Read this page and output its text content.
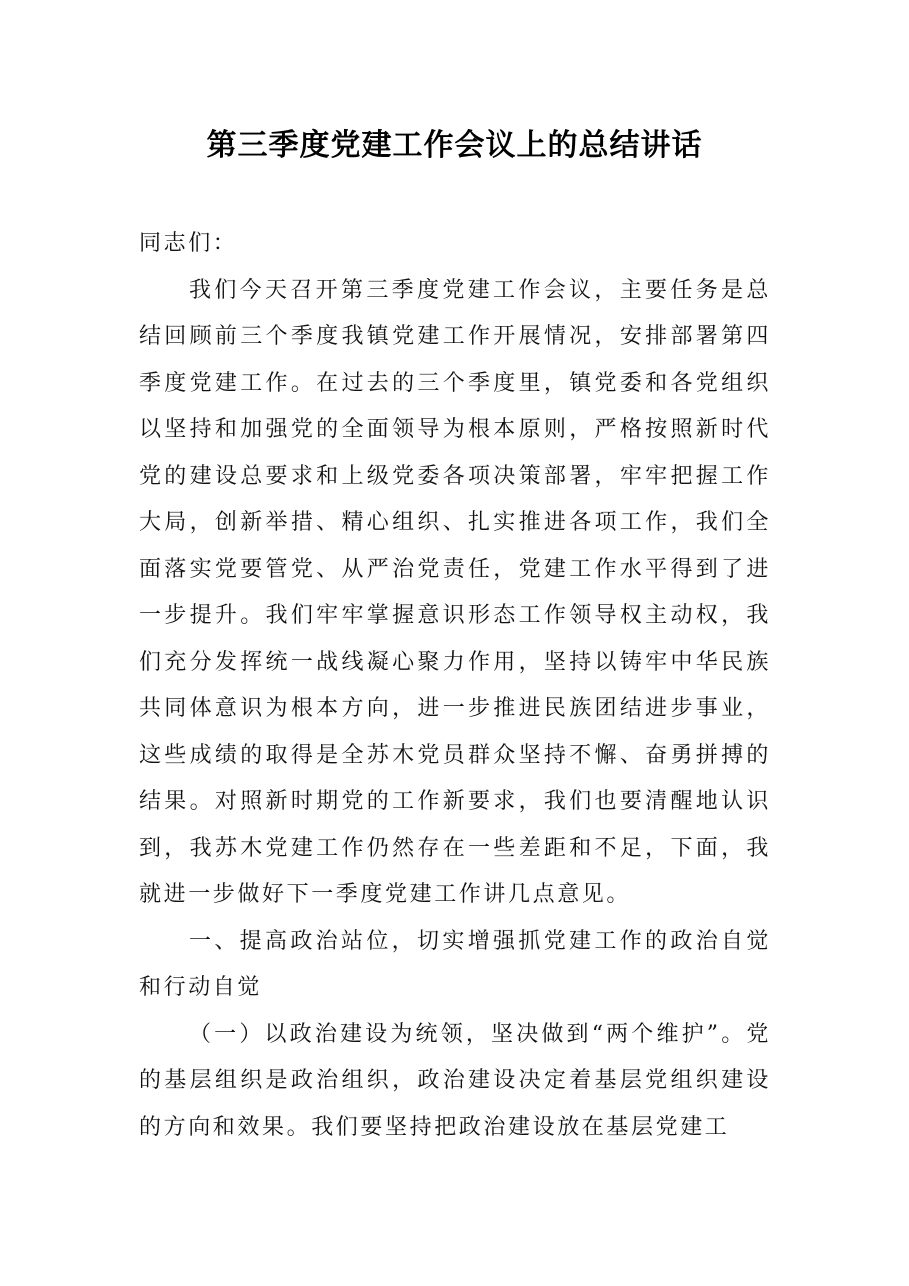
第三季度党建工作会议上的总结讲话

同志们：

我们今天召开第三季度党建工作会议，主要任务是总结回顾前三个季度我镇党建工作开展情况，安排部署第四季度党建工作。在过去的三个季度里，镇党委和各党组织以坚持和加强党的全面领导为根本原则，严格按照新时代党的建设总要求和上级党委各项决策部署，牢牢把握工作大局，创新举措、精心组织、扎实推进各项工作，我们全面落实党要管党、从严治党责任，党建工作水平得到了进一步提升。我们牢牢掌握意识形态工作领导权主动权，我们充分发挥统一战线凝心聚力作用，坚持以铸牢中华民族共同体意识为根本方向，进一步推进民族团结进步事业，这些成绩的取得是全苏木党员群众坚持不懈、奋勇拼搏的结果。对照新时期党的工作新要求，我们也要清醒地认识到，我苏木党建工作仍然存在一些差距和不足，下面，我就进一步做好下一季度党建工作讲几点意见。

一、提高政治站位，切实增强抓党建工作的政治自觉和行动自觉

（一）以政治建设为统领，坚决做到“两个维护”。党的基层组织是政治组织，政治建设决定着基层党组织建设的方向和效果。我们要坚持把政治建设放在基层党建工
